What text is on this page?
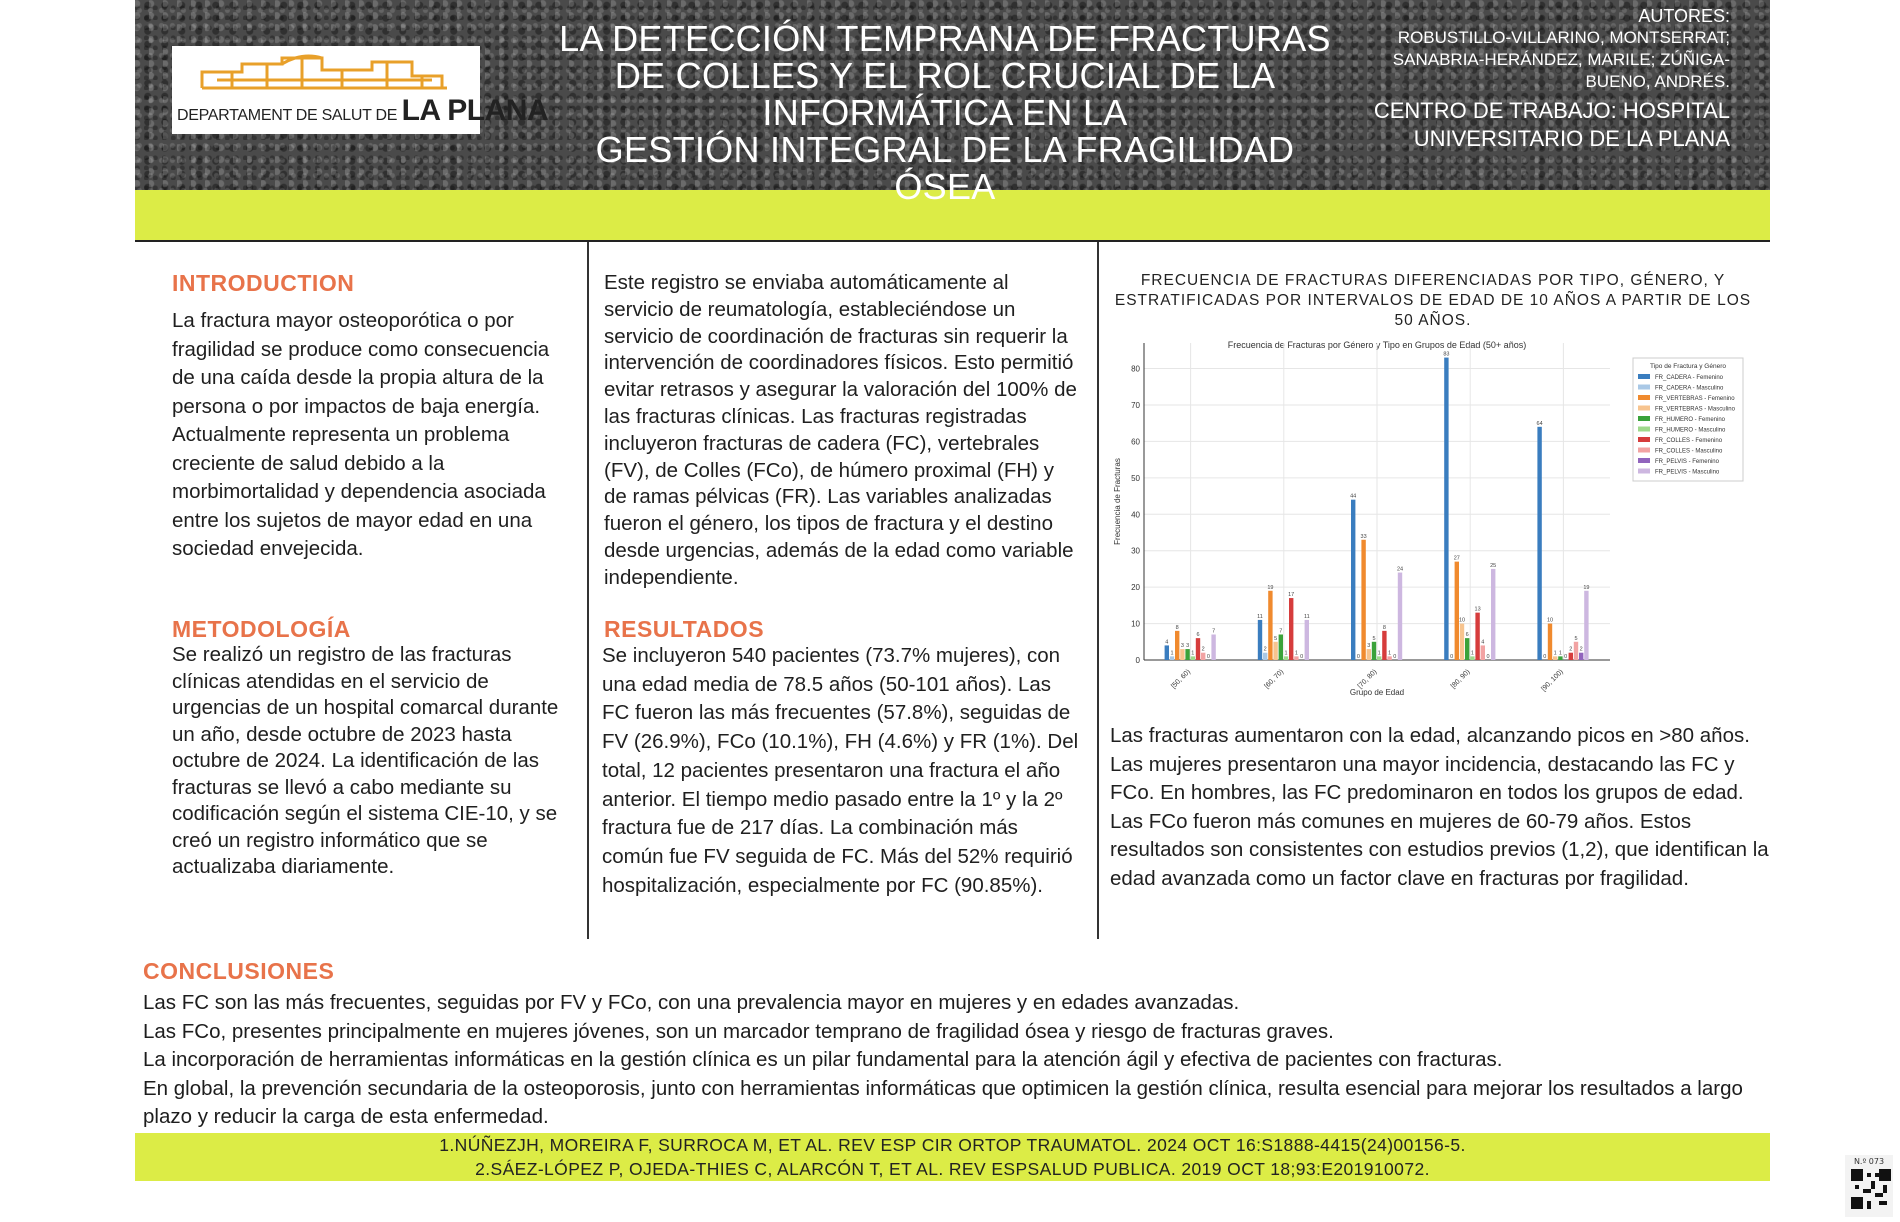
DEPARTAMENT DE SALUT DE LA PLANA
LA DETECCIÓN TEMPRANA DE FRACTURAS
DE COLLES Y EL ROL CRUCIAL DE LA
INFORMÁTICA EN LA
GESTIÓN INTEGRAL DE LA FRAGILIDAD ÓSEA
AUTORES:
ROBUSTILLO-VILLARINO, MONTSERRAT;
SANABRIA-HERÁNDEZ, MARILE; ZÚÑIGA-
BUENO, ANDRÉS.
CENTRO DE TRABAJO: HOSPITAL
UNIVERSITARIO DE LA PLANA
INTRODUCTION
La fractura mayor osteoporótica o por fragilidad se produce como consecuencia de una caída desde la propia altura de la persona o por impactos de baja energía. Actualmente representa un problema creciente de salud debido a la morbimortalidad y dependencia asociada entre los sujetos de mayor edad en una sociedad envejecida.
METODOLOGÍA
Se realizó un registro de las fracturas clínicas atendidas en el servicio de urgencias de un hospital comarcal durante un año, desde octubre de 2023 hasta octubre de 2024. La identificación de las fracturas se llevó a cabo mediante su codificación según el sistema CIE-10, y se creó un registro informático que se actualizaba diariamente.
Este registro se enviaba automáticamente al servicio de reumatología, estableciéndose un servicio de coordinación de fracturas sin requerir la intervención de coordinadores físicos. Esto permitió evitar retrasos y asegurar la valoración del 100% de las fracturas clínicas. Las fracturas registradas incluyeron fracturas de cadera (FC), vertebrales (FV), de Colles (FCo), de húmero proximal (FH) y de ramas pélvicas (FR). Las variables analizadas fueron el género, los tipos de fractura y el destino desde urgencias, además de la edad como variable independiente.
RESULTADOS
Se incluyeron 540 pacientes (73.7% mujeres), con una edad media de 78.5 años (50-101 años). Las FC fueron las más frecuentes (57.8%), seguidas de FV (26.9%), FCo (10.1%), FH (4.6%) y FR (1%). Del total, 12 pacientes presentaron una fractura el año anterior. El tiempo medio pasado entre la 1º y la 2º fractura fue de 217 días. La combinación más común fue FV seguida de FC. Más del 52% requirió hospitalización, especialmente por FC (90.85%).
FRECUENCIA DE FRACTURAS DIFERENCIADAS POR TIPO, GÉNERO, Y ESTRATIFICADAS POR INTERVALOS DE EDAD DE 10 AÑOS A PARTIR DE LOS 50 AÑOS.
Frecuencia de Fracturas por Género y Tipo en Grupos de Edad (50+ años)
0
10
20
30
40
50
60
70
80
[50, 60)	[60, 70)	[70, 80)	[80, 90)	[90, 100)
4
11
44
83
64
1
2
0	0	0
8
19
33
27
10
3
5
3
10
1
3
7
5
6
1
1	1	1	1
0
6
17
8
13
2
2
1	1
4
5
0	0	0	0
2
7
11
24
25
19
Grupo de Edad
Frecuencia de Fracturas
Tipo de Fractura y Género
FR_CADERA - Femenino
FR_CADERA - Masculino
FR_VERTEBRAS - Femenino
FR_VERTEBRAS - Masculino
FR_HUMERO - Femenino
FR_HUMERO - Masculino
FR_COLLES - Femenino
FR_COLLES - Masculino
FR_PELVIS - Femenino
FR_PELVIS - Masculino
Las fracturas aumentaron con la edad, alcanzando picos en >80 años. Las mujeres presentaron una mayor incidencia, destacando las FC y FCo. En hombres, las FC predominaron en todos los grupos de edad. Las FCo fueron más comunes en mujeres de 60-79 años. Estos resultados son consistentes con estudios previos (1,2), que identifican la edad avanzada como un factor clave en fracturas por fragilidad.
CONCLUSIONES

Las FC son las más frecuentes, seguidas por FV y FCo, con una prevalencia mayor en mujeres y en edades avanzadas.

Las FCo, presentes principalmente en mujeres jóvenes, son un marcador temprano de fragilidad ósea y riesgo de fracturas graves.

La incorporación de herramientas informáticas en la gestión clínica es un pilar fundamental para la atención ágil y efectiva de pacientes con fracturas.

En global, la prevención secundaria de la osteoporosis, junto con herramientas informáticas que optimicen la gestión clínica, resulta esencial para mejorar los resultados a largo plazo y reducir la carga de esta enfermedad.

1.NÚÑEZJH, MOREIRA F, SURROCA M, ET AL. REV ESP CIR ORTOP TRAUMATOL. 2024 OCT 16:S1888-4415(24)00156-5.
2.SÁEZ-LÓPEZ P, OJEDA-THIES C, ALARCÓN T, ET AL. REV ESPSALUD PUBLICA. 2019 OCT 18;93:E201910072.	N.º 073
